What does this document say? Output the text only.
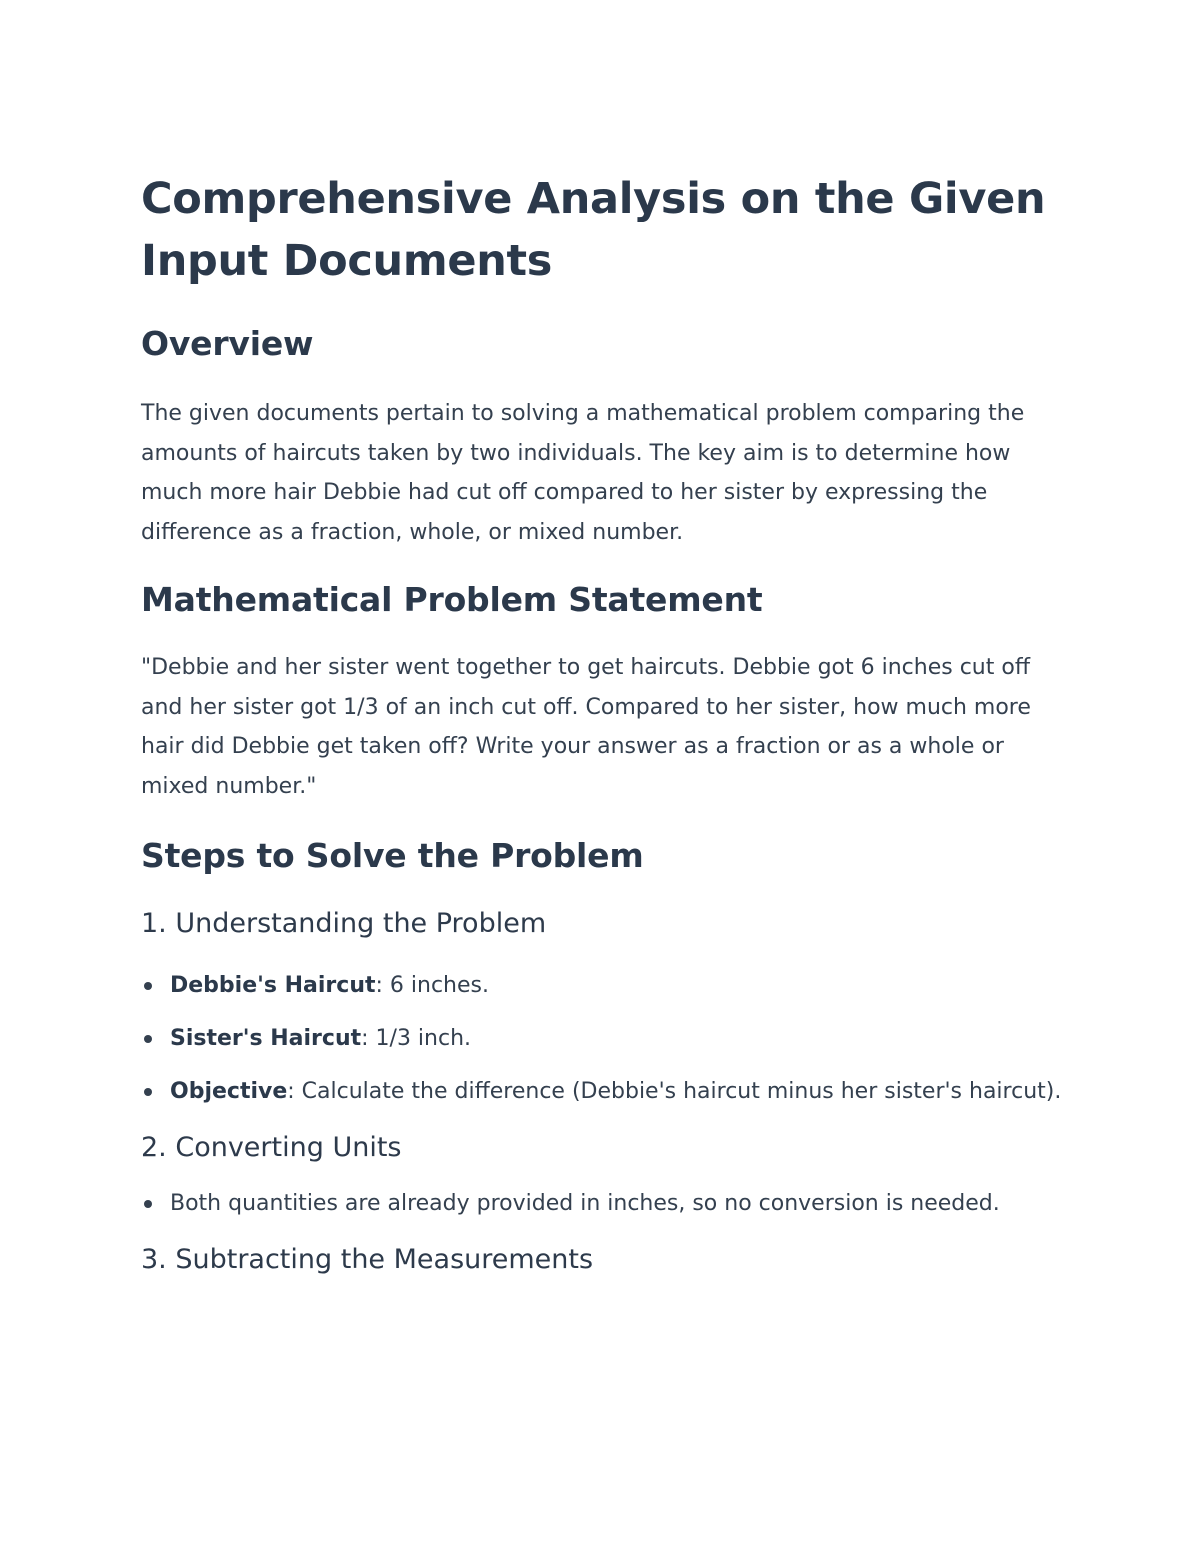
Comprehensive Analysis on the Given Input Documents
Overview

The given documents pertain to solving a mathematical problem comparing the amounts of haircuts taken by two individuals. The key aim is to determine how much more hair Debbie had cut off compared to her sister by expressing the difference as a fraction, whole, or mixed number.

Mathematical Problem Statement

"Debbie and her sister went together to get haircuts. Debbie got 6 inches cut off and her sister got 1/3 of an inch cut off. Compared to her sister, how much more hair did Debbie get taken off? Write your answer as a fraction or as a whole or mixed number."

Steps to Solve the Problem
1. Understanding the Problem
Debbie's Haircut: 6 inches.
Sister's Haircut: 1/3 inch.
Objective: Calculate the difference (Debbie's haircut minus her sister's haircut).
2. Converting Units
Both quantities are already provided in inches, so no conversion is needed.
3. Subtracting the Measurements
